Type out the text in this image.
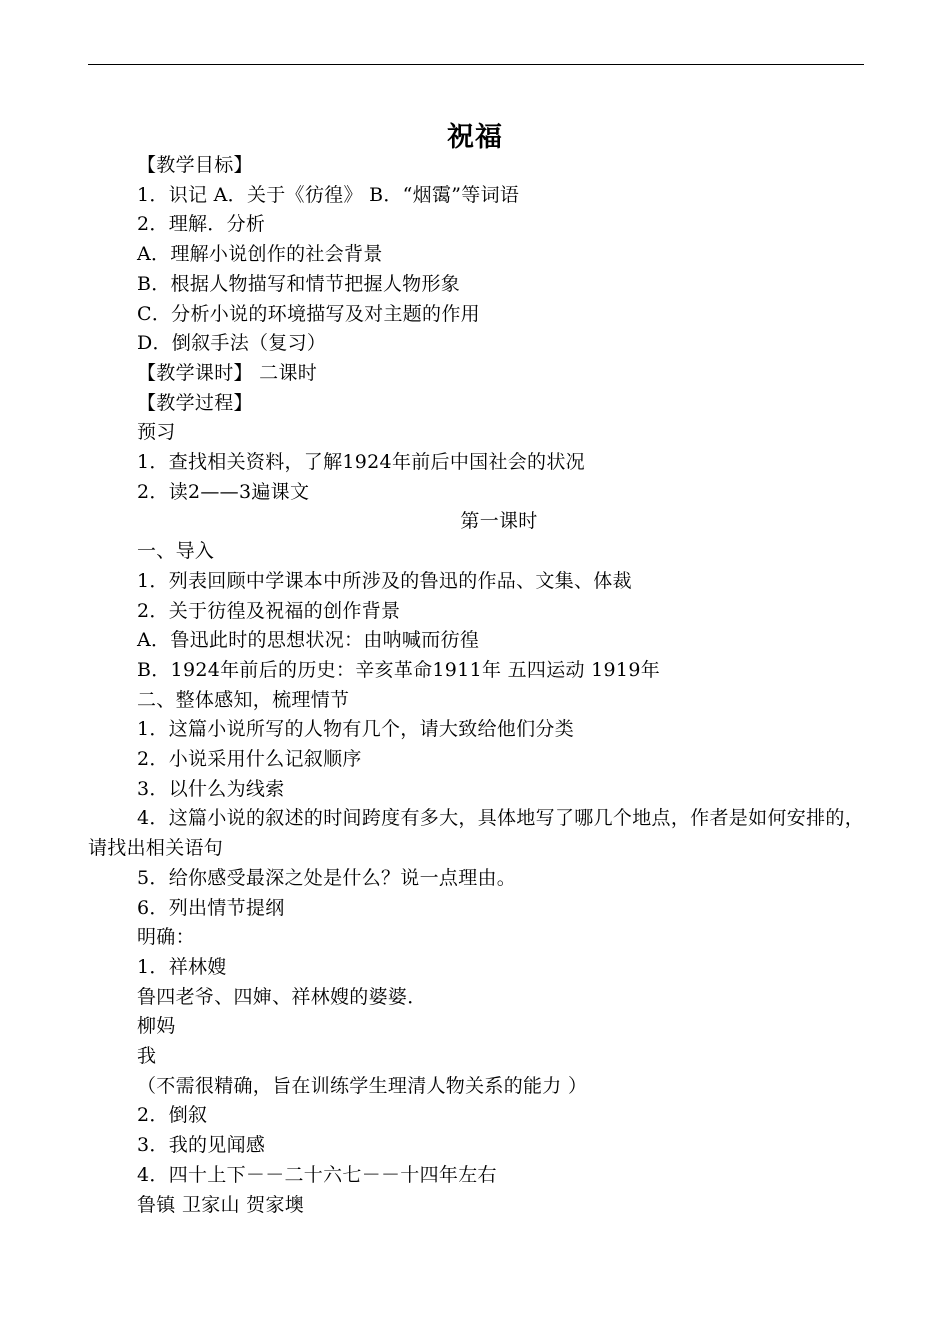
祝福
【教学目标】
1．识记 A．关于《彷徨》 B．“烟霭”等词语
2．理解．分析
A．理解小说创作的社会背景
B．根据人物描写和情节把握人物形象
C．分析小说的环境描写及对主题的作用
D．倒叙手法（复习）
【教学课时】 二课时
【教学过程】
预习
1．查找相关资料，了解1924年前后中国社会的状况
2．读2——3遍课文
第一课时
一、导入
1．列表回顾中学课本中所涉及的鲁迅的作品、文集、体裁
2．关于彷徨及祝福的创作背景
A．鲁迅此时的思想状况：由呐喊而彷徨
B．1924年前后的历史：辛亥革命1911年 五四运动 1919年
二、整体感知，梳理情节
1．这篇小说所写的人物有几个，请大致给他们分类
2．小说采用什么记叙顺序
3．以什么为线索
4．这篇小说的叙述的时间跨度有多大，具体地写了哪几个地点，作者是如何安排的，请找出相关语句
5．给你感受最深之处是什么？说一点理由。
6．列出情节提纲
明确：
1．祥林嫂
鲁四老爷、四婶、祥林嫂的婆婆．
柳妈
我
（不需很精确，旨在训练学生理清人物关系的能力 ）
2．倒叙
3．我的见闻感
4．四十上下－－二十六七－－十四年左右
鲁镇 卫家山 贺家墺
